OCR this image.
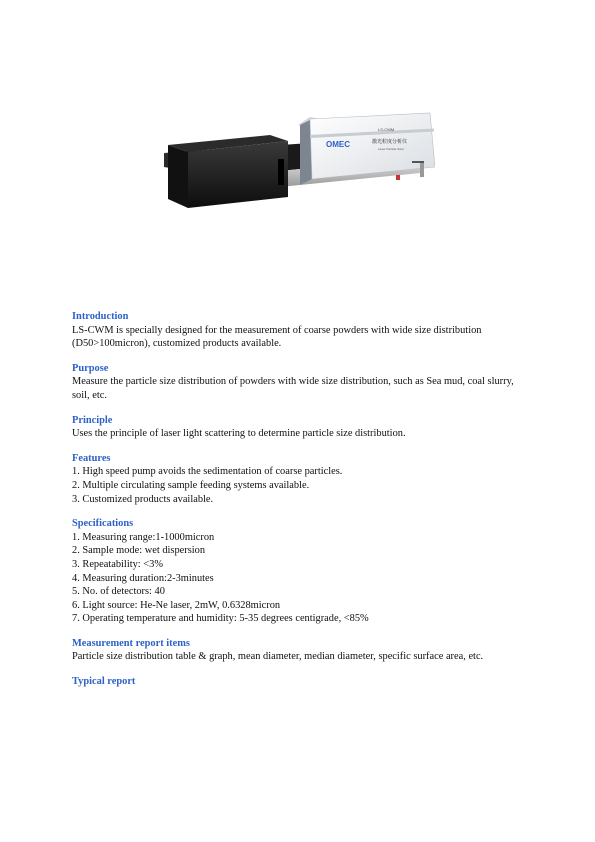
OMEC
LS-CWM
激光粒度分析仪
Laser Particle Sizer
Introduction
LS-CWM is specially designed for the measurement of coarse powders with wide size distribution (D50>100micron), customized products available.
Purpose
Measure the particle size distribution of powders with wide size distribution, such as Sea mud, coal slurry, soil, etc.
Principle
Uses the principle of laser light scattering to determine particle size distribution.
Features
1. High speed pump avoids the sedimentation of coarse particles.
2. Multiple circulating sample feeding systems available.
3. Customized products available.
Specifications
1. Measuring range:1-1000micron
2. Sample mode: wet dispersion
3. Repeatability: <3%
4. Measuring duration:2-3minutes
5. No. of detectors: 40
6. Light source: He-Ne laser, 2mW, 0.6328micron
7. Operating temperature and humidity: 5-35 degrees centigrade, <85%
Measurement report items
Particle size distribution table & graph, mean diameter, median diameter, specific surface area, etc.
Typical report
